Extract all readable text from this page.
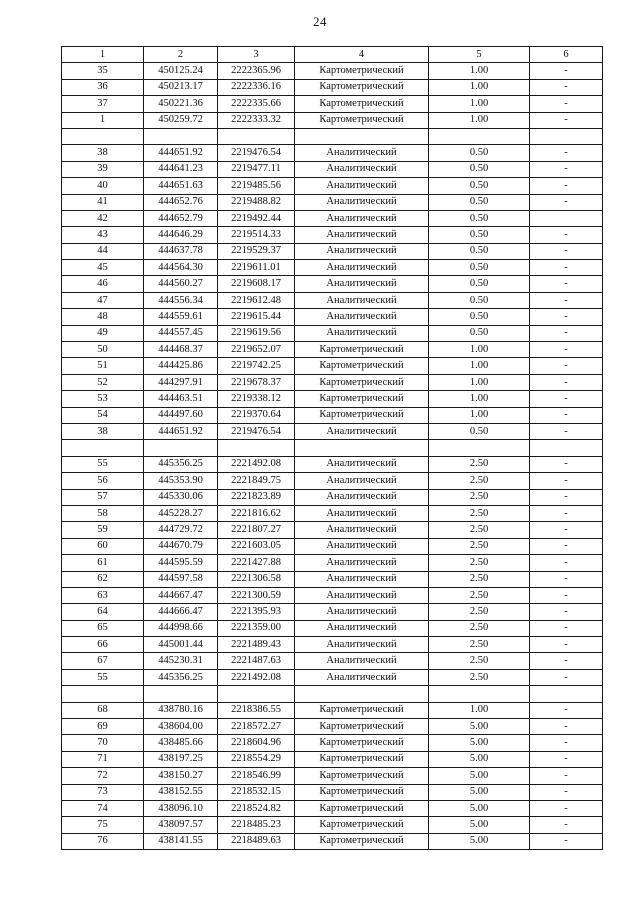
24
1	2	3	4	5	6
35	450125.24	2222365.96	Картометрический	1.00	-
36	450213.17	2222336.16	Картометрический	1.00	-
37	450221.36	2222335.66	Картометрический	1.00	-
1	450259.72	2222333.32	Картометрический	1.00	-

38	444651.92	2219476.54	Аналитический	0.50	-
39	444641.23	2219477.11	Аналитический	0.50	-
40	444651.63	2219485.56	Аналитический	0.50	-
41	444652.76	2219488.82	Аналитический	0.50	-
42	444652.79	2219492.44	Аналитический	0.50	
43	444646.29	2219514.33	Аналитический	0.50	-
44	444637.78	2219529.37	Аналитический	0.50	-
45	444564.30	2219611.01	Аналитический	0.50	-
46	444560.27	2219608.17	Аналитический	0.50	-
47	444556.34	2219612.48	Аналитический	0.50	-
48	444559.61	2219615.44	Аналитический	0.50	-
49	444557.45	2219619.56	Аналитический	0.50	-
50	444468.37	2219652.07	Картометрический	1.00	-
51	444425.86	2219742.25	Картометрический	1.00	-
52	444297.91	2219678.37	Картометрический	1.00	-
53	444463.51	2219338.12	Картометрический	1.00	-
54	444497.60	2219370.64	Картометрический	1.00	-
38	444651.92	2219476.54	Аналитический	0.50	-

55	445356.25	2221492.08	Аналитический	2.50	-
56	445353.90	2221849.75	Аналитический	2.50	-
57	445330.06	2221823.89	Аналитический	2.50	-
58	445228.27	2221816.62	Аналитический	2.50	-
59	444729.72	2221807.27	Аналитический	2.50	-
60	444670.79	2221603.05	Аналитический	2.50	-
61	444595.59	2221427.88	Аналитический	2.50	-
62	444597.58	2221306.58	Аналитический	2.50	-
63	444667.47	2221300.59	Аналитический	2.50	-
64	444666.47	2221395.93	Аналитический	2.50	-
65	444998.66	2221359.00	Аналитический	2.50	-
66	445001.44	2221489.43	Аналитический	2.50	-
67	445230.31	2221487.63	Аналитический	2.50	-
55	445356.25	2221492.08	Аналитический	2.50	-

68	438780.16	2218386.55	Картометрический	1.00	-
69	438604.00	2218572.27	Картометрический	5.00	-
70	438485.66	2218604.96	Картометрический	5.00	-
71	438197.25	2218554.29	Картометрический	5.00	-
72	438150.27	2218546.99	Картометрический	5.00	-
73	438152.55	2218532.15	Картометрический	5.00	-
74	438096.10	2218524.82	Картометрический	5.00	-
75	438097.57	2218485.23	Картометрический	5.00	-
76	438141.55	2218489.63	Картометрический	5.00	-
